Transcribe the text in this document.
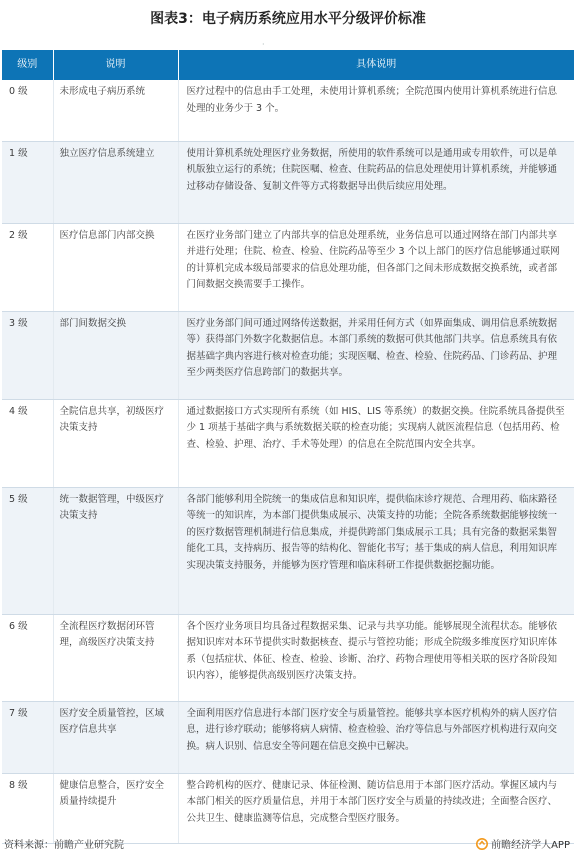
图表3：电子病历系统应用水平分级评价标准
·
级别	说明	具体说明
0 级	未形成电子病历系统	医疗过程中的信息由手工处理，未使用计算机系统；全院范围内使用计算机系统进行信息处理的业务少于 3 个。
1 级	独立医疗信息系统建立	使用计算机系统处理医疗业务数据，所使用的软件系统可以是通用或专用软件，可以是单机版独立运行的系统；住院医嘱、检查、住院药品的信息处理使用计算机系统，并能够通过移动存储设备、复制文件等方式将数据导出供后续应用处理。
2 级	医疗信息部门内部交换	在医疗业务部门建立了内部共享的信息处理系统，业务信息可以通过网络在部门内部共享并进行处理；住院、检查、检验、住院药品等至少 3 个以上部门的医疗信息能够通过联网的计算机完成本级局部要求的信息处理功能，但各部门之间未形成数据交换系统，或者部门间数据交换需要手工操作。
3 级	部门间数据交换	医疗业务部门间可通过网络传送数据，并采用任何方式（如界面集成、调用信息系统数据等）获得部门外数字化数据信息。本部门系统的数据可供其他部门共享。信息系统具有依据基础字典内容进行核对检查功能；实现医嘱、检查、检验、住院药品、门诊药品、护理至少两类医疗信息跨部门的数据共享。
4 级	全院信息共享，初级医疗决策支持	通过数据接口方式实现所有系统（如 HIS、LIS 等系统）的数据交换。住院系统具备提供至少 1 项基于基础字典与系统数据关联的检查功能；实现病人就医流程信息（包括用药、检查、检验、护理、治疗、手术等处理）的信息在全院范围内安全共享。
5 级	统一数据管理，中级医疗决策支持	各部门能够利用全院统一的集成信息和知识库，提供临床诊疗规范、合理用药、临床路径等统一的知识库，为本部门提供集成展示、决策支持的功能；全院各系统数据能够按统一的医疗数据管理机制进行信息集成，并提供跨部门集成展示工具；具有完备的数据采集智能化工具，支持病历、报告等的结构化、智能化书写；基于集成的病人信息，利用知识库实现决策支持服务，并能够为医疗管理和临床科研工作提供数据挖掘功能。
6 级	全流程医疗数据闭环管理，高级医疗决策支持	各个医疗业务项目均具备过程数据采集、记录与共享功能。能够展现全流程状态。能够依据知识库对本环节提供实时数据核查、提示与管控功能；形成全院级多维度医疗知识库体系（包括症状、体征、检查、检验、诊断、治疗、药物合理使用等相关联的医疗各阶段知识内容），能够提供高级别医疗决策支持。
7 级	医疗安全质量管控，区域医疗信息共享	全面利用医疗信息进行本部门医疗安全与质量管控。能够共享本医疗机构外的病人医疗信息，进行诊疗联动；能够将病人病情、检查检验、治疗等信息与外部医疗机构进行双向交换。病人识别、信息安全等问题在信息交换中已解决。
8 级	健康信息整合，医疗安全质量持续提升	整合跨机构的医疗、健康记录、体征检测、随访信息用于本部门医疗活动。掌握区域内与本部门相关的医疗质量信息，并用于本部门医疗安全与质量的持续改进；全面整合医疗、公共卫生、健康监测等信息，完成整合型医疗服务。
资料来源：前瞻产业研究院	前瞻经济学人APP
